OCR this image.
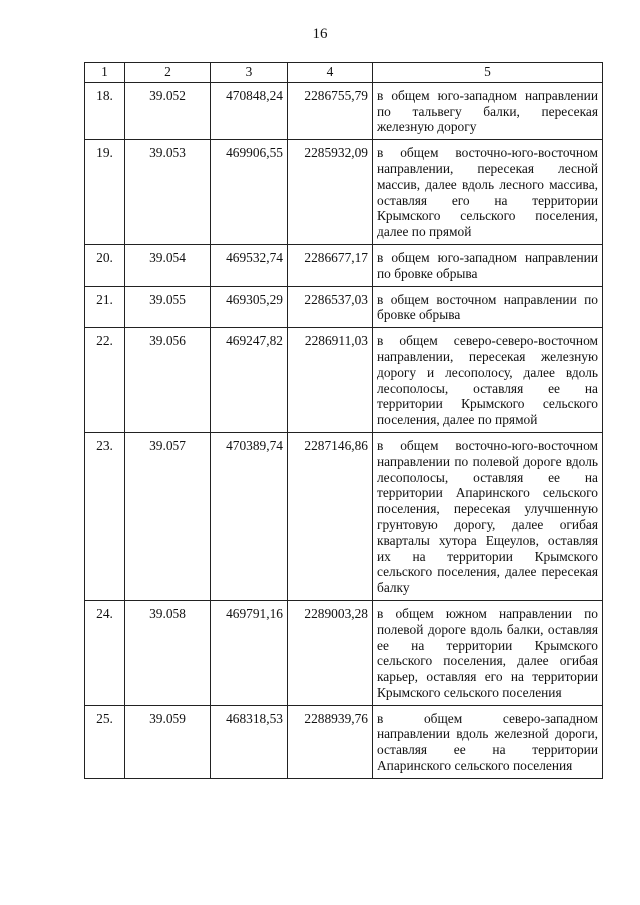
16
1	2	3	4	5
18.	39.052	470848,24	2286755,79	в общем юго-западном направлении по тальвегу балки, пересекая железную дорогу
19.	39.053	469906,55	2285932,09	в общем восточно-юго-восточном направлении, пересекая лесной массив, далее вдоль лесного массива, оставляя его на территории Крымского сельского поселения, далее по прямой
20.	39.054	469532,74	2286677,17	в общем юго-западном направлении по бровке обрыва
21.	39.055	469305,29	2286537,03	в общем восточном направлении по бровке обрыва
22.	39.056	469247,82	2286911,03	в общем северо-северо-восточном направлении, пересекая железную дорогу и лесополосу, далее вдоль лесополосы, оставляя ее на территории Крымского сельского поселения, далее по прямой
23.	39.057	470389,74	2287146,86	в общем восточно-юго-восточном направлении по полевой дороге вдоль лесополосы, оставляя ее на территории Апаринского сельского поселения, пересекая улучшенную грунтовую дорогу, далее огибая кварталы хутора Ещеулов, оставляя их на территории Крымского сельского поселения, далее пересекая балку
24.	39.058	469791,16	2289003,28	в общем южном направлении по полевой дороге вдоль балки, оставляя ее на территории Крымского сельского поселения, далее огибая карьер, оставляя его на территории Крымского сельского поселения
25.	39.059	468318,53	2288939,76	в общем северо-западном направлении вдоль железной дороги, оставляя ее на территории Апаринского сельского поселения
